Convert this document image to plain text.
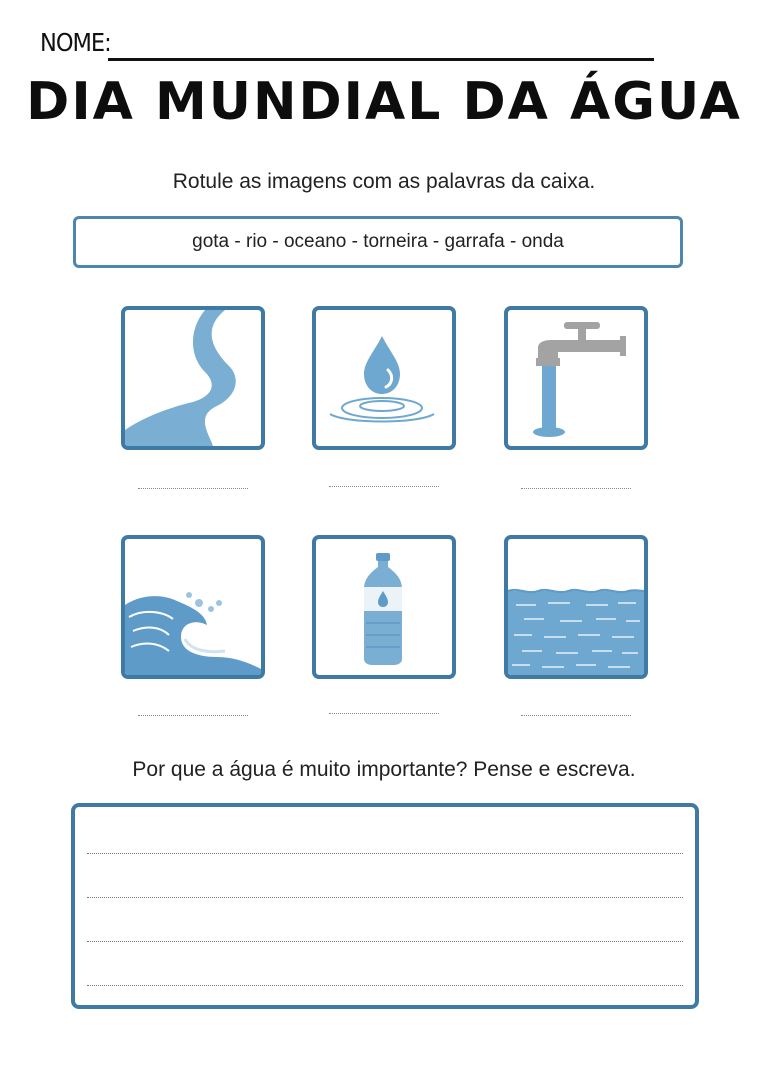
NOME:
DIA MUNDIAL DA ÁGUA
Rotule as imagens com as palavras da caixa.
gota - rio - oceano - torneira - garrafa - onda
Por que a água é muito importante? Pense e escreva.
